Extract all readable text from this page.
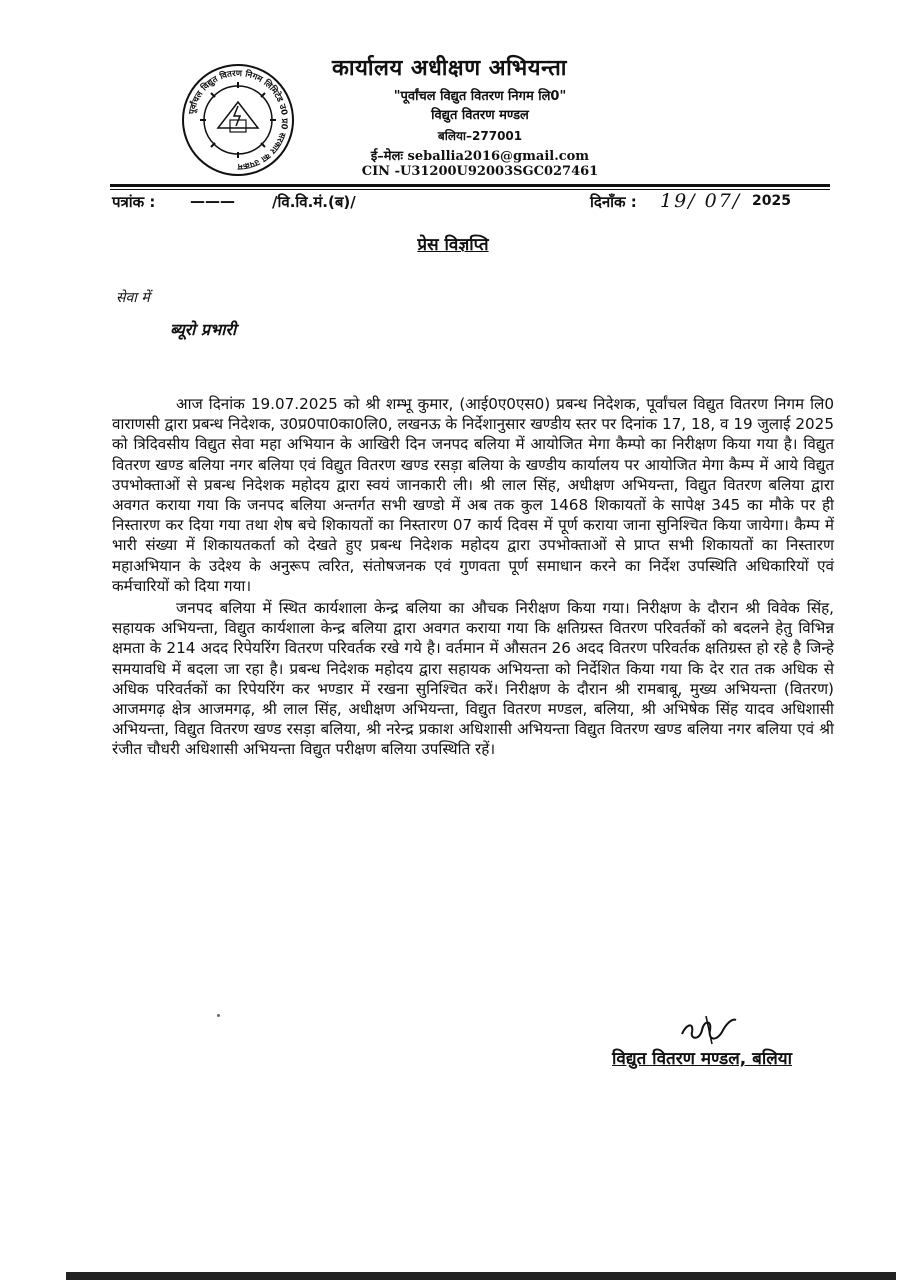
पूर्वांचल विद्युत वितरण निगम लिमिटेड उ0 प्र0 सरकार का उपक्रम
कार्यालय अधीक्षण अभियन्ता
"पूर्वांचल विद्युत वितरण निगम लि0"
विद्युत वितरण मण्डल
बलिया–277001
ई–मेलः seballia2016@gmail.com
CIN -U31200U92003SGC027461
पत्रांक : ——— /वि.वि.मं.(ब)/	दिनाँक : 19/ 07/ 2025
प्रेस विज्ञप्ति
सेवा में
ब्यूरो प्रभारी

आज दिनांक 19.07.2025 को श्री शम्भू कुमार, (आई0ए0एस0) प्रबन्ध निदेशक, पूर्वांचल विद्युत वितरण निगम लि0 वाराणसी द्वारा प्रबन्ध निदेशक, उ0प्र0पा0का0लि0, लखनऊ के निर्देशानुसार खण्डीय स्तर पर दिनांक 17, 18, व 19 जुलाई 2025 को त्रिदिवसीय विद्युत सेवा महा अभियान के आखिरी दिन जनपद बलिया में आयोजित मेगा कैम्पो का निरीक्षण किया गया है। विद्युत वितरण खण्ड बलिया नगर बलिया एवं विद्युत वितरण खण्ड रसड़ा बलिया के खण्डीय कार्यालय पर आयोजित मेगा कैम्प में आये विद्युत उपभोक्ताओं से प्रबन्ध निदेशक महोदय द्वारा स्वयं जानकारी ली। श्री लाल सिंह, अधीक्षण अभियन्ता, विद्युत वितरण बलिया द्वारा अवगत कराया गया कि जनपद बलिया अन्तर्गत सभी खण्डो में अब तक कुल 1468 शिकायतों के सापेक्ष 345 का मौके पर ही निस्तारण कर दिया गया तथा शेष बचे शिकायतों का निस्तारण 07 कार्य दिवस में पूर्ण कराया जाना सुनिश्चित किया जायेगा। कैम्प में भारी संख्या में शिकायतकर्ता को देखते हुए प्रबन्ध निदेशक महोदय द्वारा उपभोक्ताओं से प्राप्त सभी शिकायतों का निस्तारण महाअभियान के उदेश्य के अनुरूप त्वरित, संतोषजनक एवं गुणवता पूर्ण समाधान करने का निर्देश उपस्थिति अधिकारियों एवं कर्मचारियों को दिया गया।

जनपद बलिया में स्थित कार्यशाला केन्द्र बलिया का औचक निरीक्षण किया गया। निरीक्षण के दौरान श्री विवेक सिंह, सहायक अभियन्ता, विद्युत कार्यशाला केन्द्र बलिया द्वारा अवगत कराया गया कि क्षतिग्रस्त वितरण परिवर्तकों को बदलने हेतु विभिन्न क्षमता के 214 अदद रिपेयरिंग वितरण परिवर्तक रखे गये है। वर्तमान में औसतन 26 अदद वितरण परिवर्तक क्षतिग्रस्त हो रहे है जिन्हे समयावधि में बदला जा रहा है। प्रबन्ध निदेशक महोदय द्वारा सहायक अभियन्ता को निर्देशित किया गया कि देर रात तक अधिक से अधिक परिवर्तकों का रिपेयरिंग कर भण्डार में रखना सुनिश्चित करें। निरीक्षण के दौरान श्री रामबाबू, मुख्य अभियन्ता (वितरण) आजमगढ़ क्षेत्र आजमगढ़, श्री लाल सिंह, अधीक्षण अभियन्ता, विद्युत वितरण मण्डल, बलिया, श्री अभिषेक सिंह यादव अधिशासी अभियन्ता, विद्युत वितरण खण्ड रसड़ा बलिया, श्री नरेन्द्र प्रकाश अधिशासी अभियन्ता विद्युत वितरण खण्ड बलिया नगर बलिया एवं श्री रंजीत चौधरी अधिशासी अभियन्ता विद्युत परीक्षण बलिया उपस्थिति रहें।

विद्युत वितरण मण्डल, बलिया
